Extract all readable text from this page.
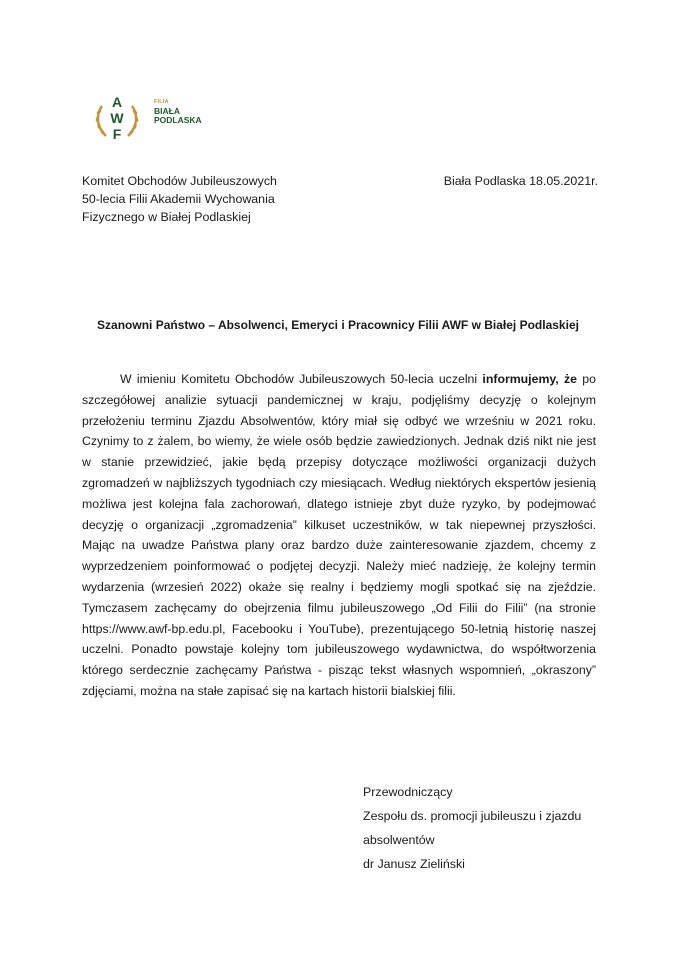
A
W
F
FILIA
BIAŁA
PODLASKA
Komitet Obchodów Jubileuszowych
50-lecia Filii Akademii Wychowania
Fizycznego w Białej Podlaskiej
Biała Podlaska 18.05.2021r.
Szanowni Państwo – Absolwenci, Emeryci i Pracownicy Filii AWF w Białej Podlaskiej

W imieniu Komitetu Obchodów Jubileuszowych 50-lecia uczelni informujemy, że po szczegółowej analizie sytuacji pandemicznej w kraju, podjęliśmy decyzję o kolejnym przełożeniu terminu Zjazdu Absolwentów, który miał się odbyć we wrześniu w 2021 roku. Czynimy to z żalem, bo wiemy, że wiele osób będzie zawiedzionych. Jednak dziś nikt nie jest w stanie przewidzieć, jakie będą przepisy dotyczące możliwości organizacji dużych zgromadzeń w najbliższych tygodniach czy miesiącach. Według niektórych ekspertów jesienią możliwa jest kolejna fala zachorowań, dlatego istnieje zbyt duże ryzyko, by podejmować decyzję o organizacji „zgromadzenia” kilkuset uczestników, w tak niepewnej przyszłości. Mając na uwadze Państwa plany oraz bardzo duże zainteresowanie zjazdem, chcemy z wyprzedzeniem poinformować o podjętej decyzji. Należy mieć nadzieję, że kolejny termin wydarzenia (wrzesień 2022) okaże się realny i będziemy mogli spotkać się na zjeździe. Tymczasem zachęcamy do obejrzenia filmu jubileuszowego „Od Filii do Filii” (na stronie https://www.awf-bp.edu.pl, Facebooku i YouTube), prezentującego 50-letnią historię naszej uczelni. Ponadto powstaje kolejny tom jubileuszowego wydawnictwa, do współtworzenia którego serdecznie zachęcamy Państwa - pisząc tekst własnych wspomnień, „okraszony” zdjęciami, można na stałe zapisać się na kartach historii bialskiej filii.

Przewodniczący
Zespołu ds. promocji jubileuszu i zjazdu
absolwentów
dr Janusz Zieliński
